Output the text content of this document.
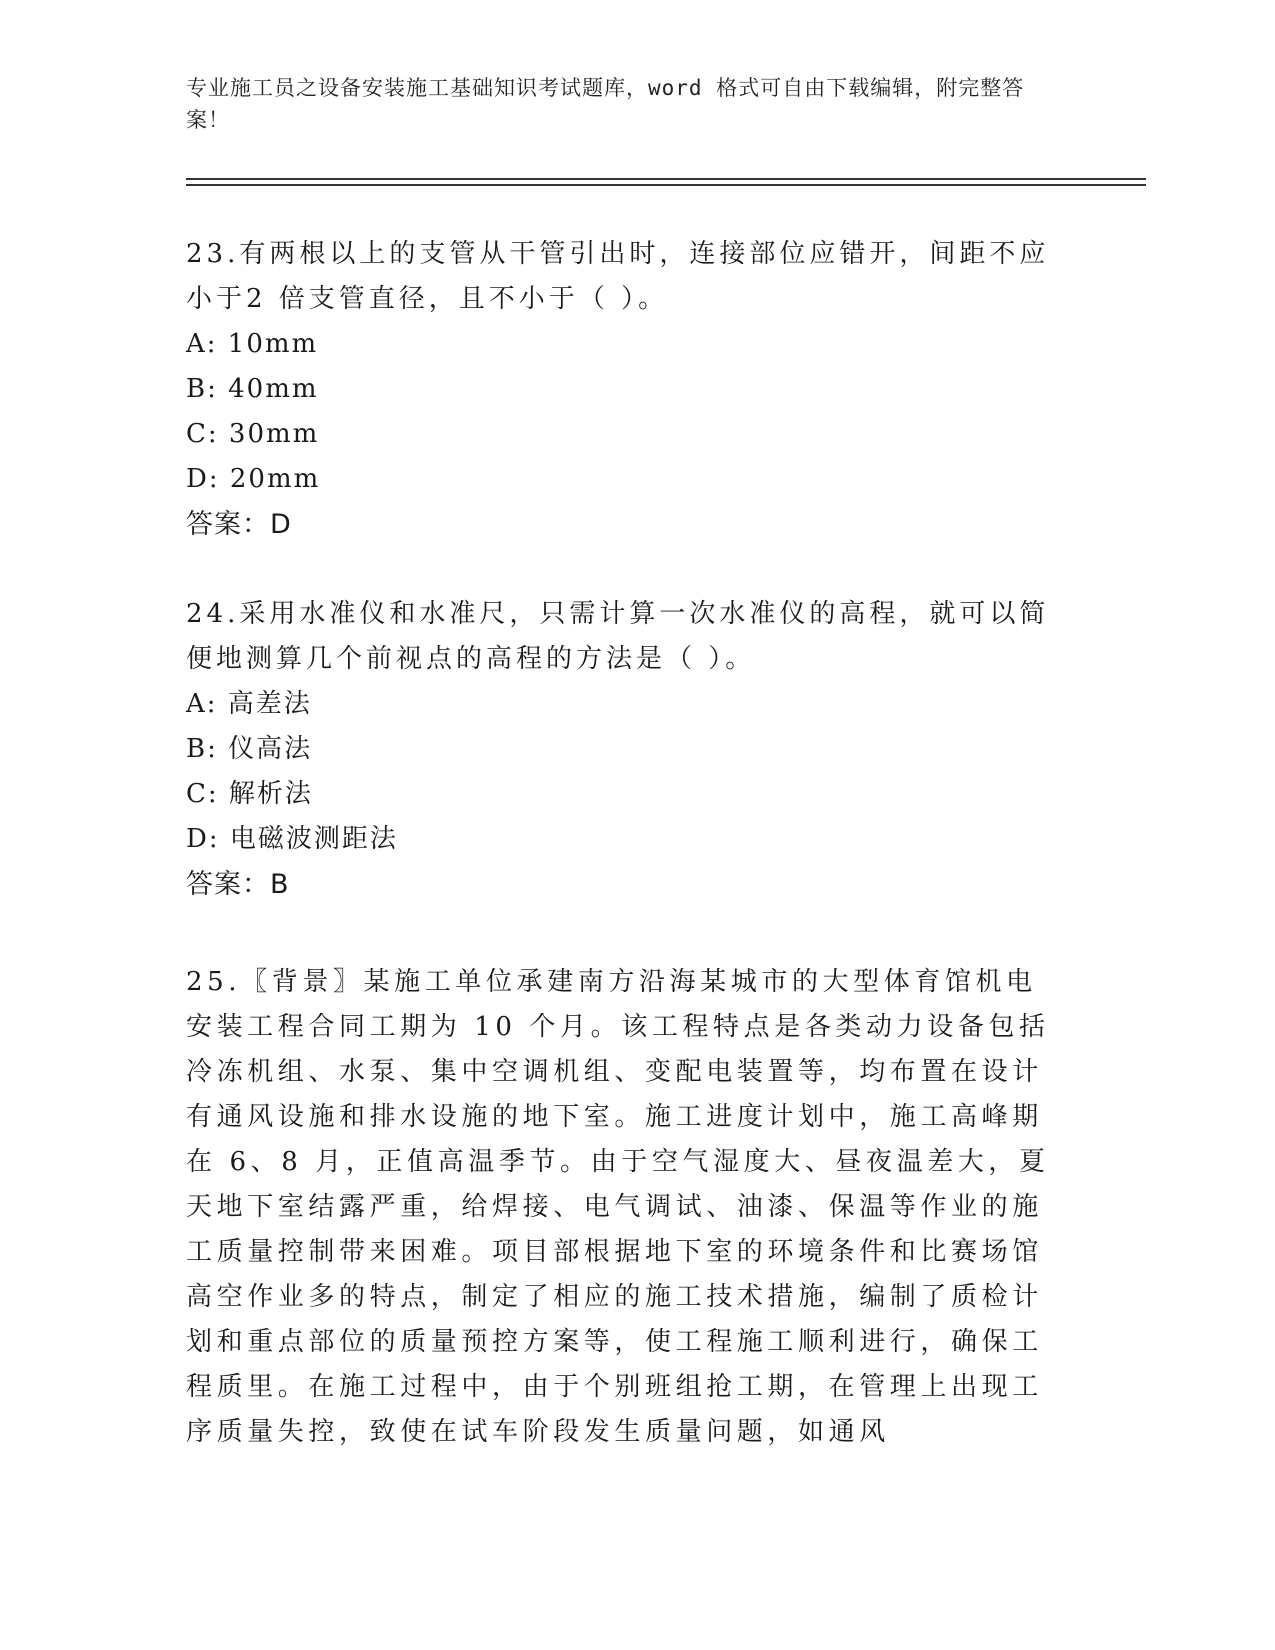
专业施工员之设备安装施工基础知识考试题库，word 格式可自由下载编辑，附完整答案！

23.有两根以上的支管从干管引出时，连接部位应错开，间距不应小于2 倍支管直径，且不小于（ ）。

A: 10mm

B: 40mm

C: 30mm

D: 20mm

答案：D

24.采用水准仪和水准尺，只需计算一次水准仪的高程，就可以简便地测算几个前视点的高程的方法是（ ）。

A: 高差法

B: 仪高法

C: 解析法

D: 电磁波测距法

答案：B

25.〖背景〗某施工单位承建南方沿海某城市的大型体育馆机电安装工程合同工期为 10 个月。该工程特点是各类动力设备包括冷冻机组、水泵、集中空调机组、变配电装置等，均布置在设计有通风设施和排水设施的地下室。施工进度计划中，施工高峰期在 6、8 月，正值高温季节。由于空气湿度大、昼夜温差大，夏天地下室结露严重，给焊接、电气调试、油漆、保温等作业的施工质量控制带来困难。项目部根据地下室的环境条件和比赛场馆高空作业多的特点，制定了相应的施工技术措施，编制了质检计划和重点部位的质量预控方案等，使工程施工顺利进行，确保工程质里。在施工过程中，由于个别班组抢工期，在管理上出现工序质量失控，致使在试车阶段发生质量问题，如通风
